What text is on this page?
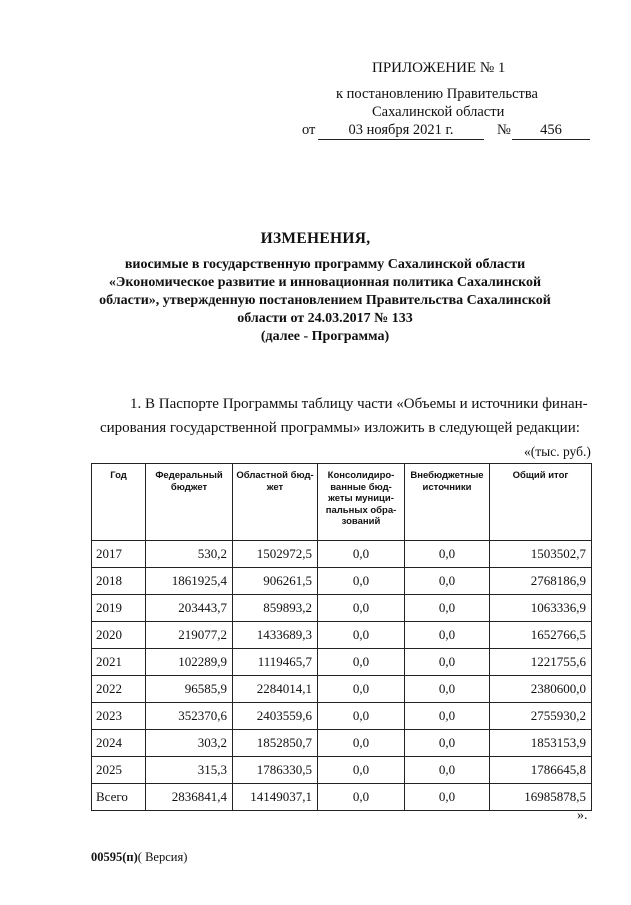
ПРИЛОЖЕНИЕ № 1
к постановлению Правительства
Сахалинской области
от	03 ноября 2021 г.	№	456
ИЗМЕНЕНИЯ,
виосимые в государственную программу Сахалинской области
«Экономическое развитие и инновационная политика Сахалинской
области», утвержденную постановлением Правительства Сахалинской
области от 24.03.2017 № 133
(далее - Программа)
1. В Паспорте Программы таблицу части «Объемы и источники финан-
сирования государственной программы» изложить в следующей редакции:
«(тыс. руб.)
Год	Федеральный бюджет	Областной бюд-жет	Консолидиро-ванные бюд-жеты муници-пальных обра-зований	Внебюджетные источники	Общий итог
2017	530,2	1502972,5	0,0	0,0	1503502,7
2018	1861925,4	906261,5	0,0	0,0	2768186,9
2019	203443,7	859893,2	0,0	0,0	1063336,9
2020	219077,2	1433689,3	0,0	0,0	1652766,5
2021	102289,9	1119465,7	0,0	0,0	1221755,6
2022	96585,9	2284014,1	0,0	0,0	2380600,0
2023	352370,6	2403559,6	0,0	0,0	2755930,2
2024	303,2	1852850,7	0,0	0,0	1853153,9
2025	315,3	1786330,5	0,0	0,0	1786645,8
Всего	2836841,4	14149037,1	0,0	0,0	16985878,5
».
00595(п)( Версия)
